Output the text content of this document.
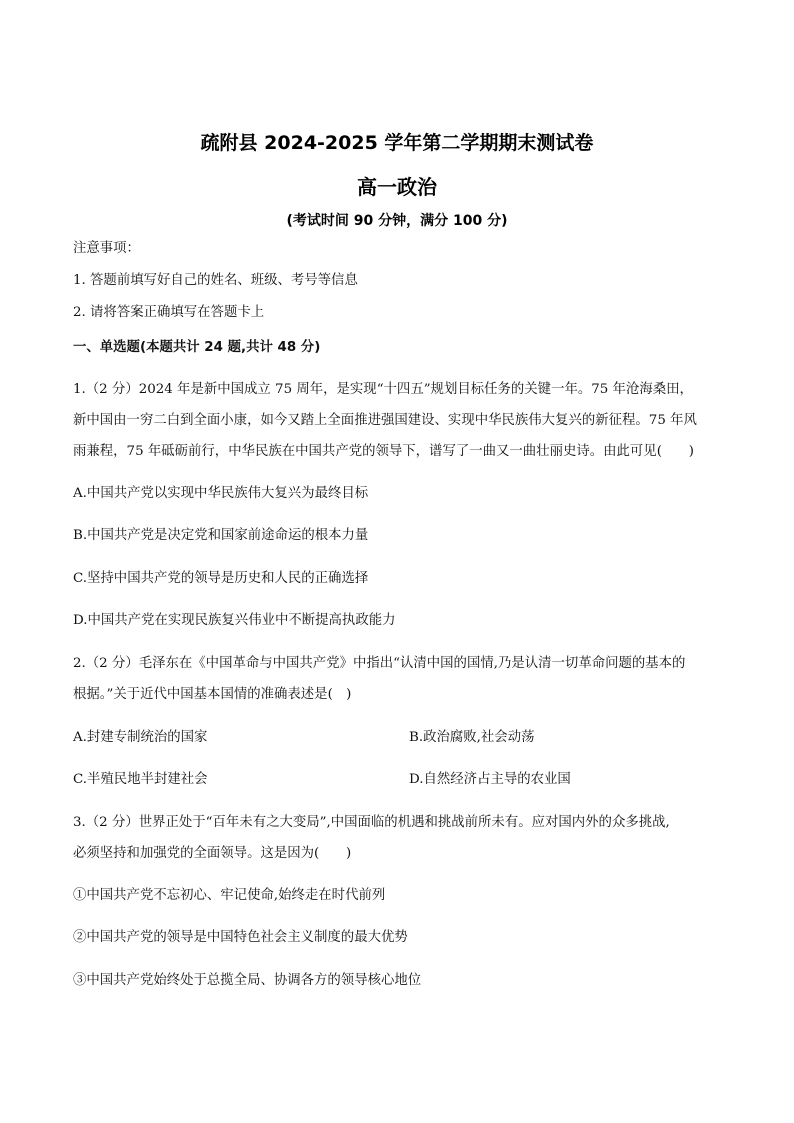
疏附县 2024-2025 学年第二学期期末测试卷
高一政治
(考试时间 90 分钟，满分 100 分)
注意事项：
1. 答题前填写好自己的姓名、班级、考号等信息
2. 请将答案正确填写在答题卡上
一、单选题(本题共计 24 题,共计 48 分)
1.（2 分）2024 年是新中国成立 75 周年，是实现“十四五”规划目标任务的关键一年。75 年沧海桑田，
新中国由一穷二白到全面小康，如今又踏上全面推进强国建设、实现中华民族伟大复兴的新征程。75 年风
雨兼程，75 年砥砺前行，中华民族在中国共产党的领导下，谱写了一曲又一曲壮丽史诗。由此可见(　　)
A.中国共产党以实现中华民族伟大复兴为最终目标
B.中国共产党是决定党和国家前途命运的根本力量
C.坚持中国共产党的领导是历史和人民的正确选择
D.中国共产党在实现民族复兴伟业中不断提高执政能力
2.（2 分）毛泽东在《中国革命与中国共产党》中指出“认清中国的国情,乃是认清一切革命问题的基本的
根据。”关于近代中国基本国情的准确表述是(　)
A.封建专制统治的国家	B.政治腐败,社会动荡
C.半殖民地半封建社会	D.自然经济占主导的农业国
3.（2 分）世界正处于“百年未有之大变局”,中国面临的机遇和挑战前所未有。应对国内外的众多挑战,
必须坚持和加强党的全面领导。这是因为(　　)
①中国共产党不忘初心、牢记使命,始终走在时代前列
②中国共产党的领导是中国特色社会主义制度的最大优势
③中国共产党始终处于总揽全局、协调各方的领导核心地位
